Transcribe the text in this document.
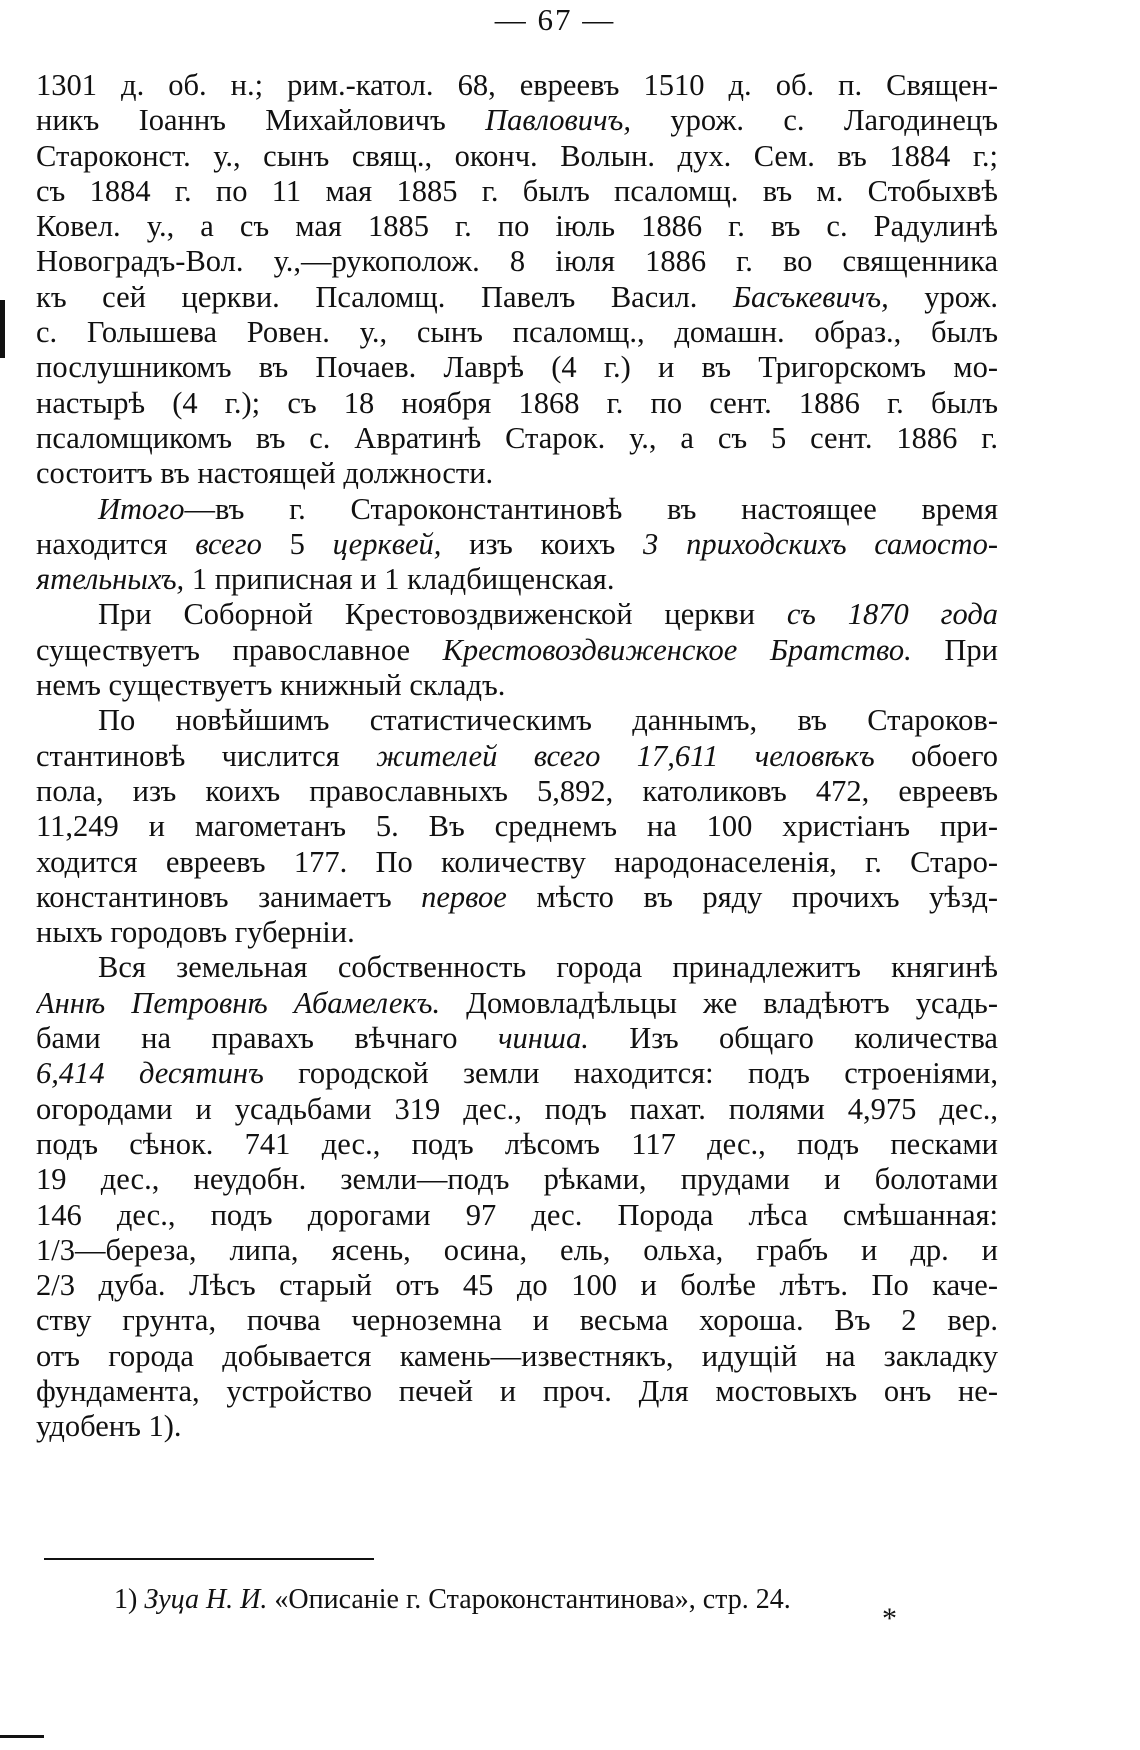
— 67 —
1301 д. об. н.; рим.-катол. 68, евреевъ 1510 д. об. п. Священ-
никъ Іоаннъ Михайловичъ Павловичъ, урож. с. Лагодинецъ
Староконст. у., сынъ свящ., оконч. Волын. дух. Сем. въ 1884 г.;
съ 1884 г. по 11 мая 1885 г. былъ псаломщ. въ м. Стобыхвѣ
Ковел. у., а съ мая 1885 г. по іюль 1886 г. въ с. Радулинѣ
Новоградъ-Вол. у.,—рукополож. 8 іюля 1886 г. во священника
къ сей церкви. Псаломщ. Павелъ Васил. Басъкевичъ, урож.
с. Голышева Ровен. у., сынъ псаломщ., домашн. образ., былъ
послушникомъ въ Почаев. Лаврѣ (4 г.) и въ Тригорскомъ мо-
настырѣ (4 г.); съ 18 ноября 1868 г. по сент. 1886 г. былъ
псаломщикомъ въ с. Авратинѣ Старок. у., а съ 5 сент. 1886 г.
состоитъ въ настоящей должности.
Итого—въ г. Староконстантиновѣ въ настоящее время
находится всего 5 церквей, изъ коихъ 3 приходскихъ самосто-
ятельныхъ, 1 приписная и 1 кладбищенская.
При Соборной Крестовоздвиженской церкви съ 1870 года
существуетъ православное Крестовоздвиженское Братство. При
немъ существуетъ книжный складъ.
По новѣйшимъ статистическимъ даннымъ, въ Староков-
стантиновѣ числится жителей всего 17,611 человѣкъ обоего
пола, изъ коихъ православныхъ 5,892, католиковъ 472, евреевъ
11,249 и магометанъ 5. Въ среднемъ на 100 христіанъ при-
ходится евреевъ 177. По количеству народонаселенія, г. Старо-
константиновъ занимаетъ первое мѣсто въ ряду прочихъ уѣзд-
ныхъ городовъ губерніи.
Вся земельная собственность города принадлежитъ княгинѣ
Аннѣ Петровнѣ Абамелекъ. Домовладѣльцы же владѣютъ усадь-
бами на правахъ вѣчнаго чинша. Изъ общаго количества
6,414 десятинъ городской земли находится: подъ строеніями,
огородами и усадьбами 319 дес., подъ пахат. полями 4,975 дес.,
подъ сѣнок. 741 дес., подъ лѣсомъ 117 дес., подъ песками
19 дес., неудобн. земли—подъ рѣками, прудами и болотами
146 дес., подъ дорогами 97 дес. Порода лѣса смѣшанная:
1/3—береза, липа, ясень, осина, ель, ольха, грабъ и др. и
2/3 дуба. Лѣсъ старый отъ 45 до 100 и болѣе лѣтъ. По каче-
ству грунта, почва черноземна и весьма хороша. Въ 2 вер.
отъ города добывается камень—известнякъ, идущій на закладку
фундамента, устройство печей и проч. Для мостовыхъ онъ не-
удобенъ 1).
1) Зуца Н. И. «Описаніе г. Староконстантинова», стр. 24.
*
